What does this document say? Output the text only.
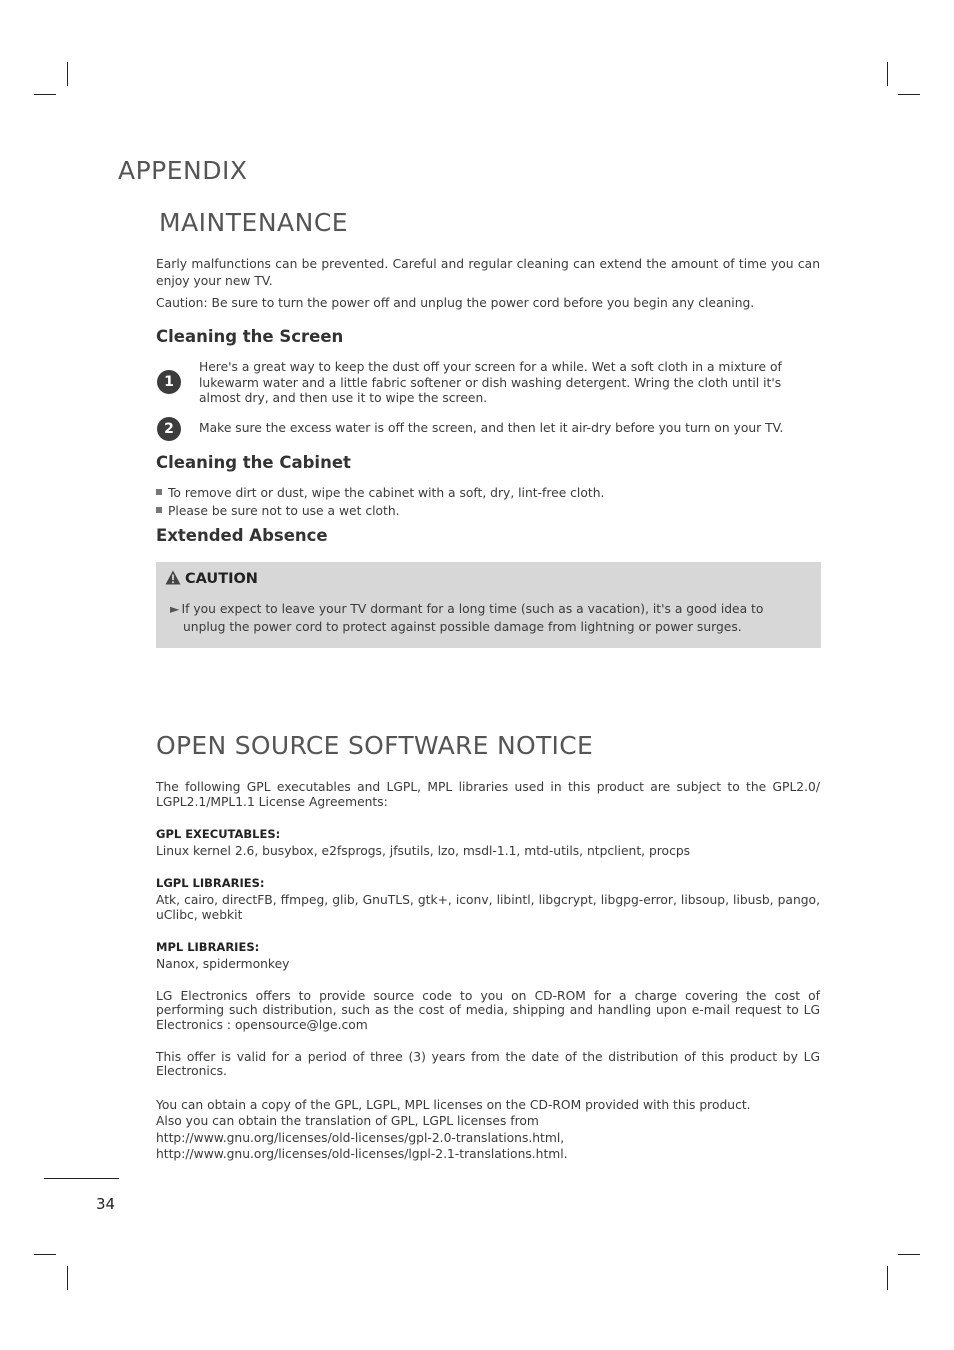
APPENDIX
MAINTENANCE
Early malfunctions can be prevented. Careful and regular cleaning can extend the amount of time you can enjoy your new TV.
Caution: Be sure to turn the power off and unplug the power cord before you begin any cleaning.
Cleaning the Screen
1
Here's a great way to keep the dust off your screen for a while. Wet a soft cloth in a mixture of lukewarm water and a little fabric softener or dish washing detergent. Wring the cloth until it's almost dry, and then use it to wipe the screen.
2	Make sure the excess water is off the screen, and then let it air-dry before you turn on your TV.
Cleaning the Cabinet
To remove dirt or dust, wipe the cabinet with a soft, dry, lint-free cloth.
Please be sure not to use a wet cloth.
Extended Absence
CAUTION
► If you expect to leave your TV dormant for a long time (such as a vacation), it's a good idea to
unplug the power cord to protect against possible damage from lightning or power surges.
OPEN SOURCE SOFTWARE NOTICE
The following GPL executables and LGPL, MPL libraries used in this product are subject to the GPL2.0/ LGPL2.1/MPL1.1 License Agreements:
GPL EXECUTABLES:
Linux kernel 2.6, busybox, e2fsprogs, jfsutils, lzo, msdl-1.1, mtd-utils, ntpclient, procps
LGPL LIBRARIES:
Atk, cairo, directFB, ffmpeg, glib, GnuTLS, gtk+, iconv, libintl, libgcrypt, libgpg-error, libsoup, libusb, pango, uClibc, webkit
MPL LIBRARIES:
Nanox, spidermonkey
LG Electronics offers to provide source code to you on CD-ROM for a charge covering the cost of performing such distribution, such as the cost of media, shipping and handling upon e-mail request to LG Electronics : opensource@lge.com
This offer is valid for a period of three (3) years from the date of the distribution of this product by LG Electronics.
You can obtain a copy of the GPL, LGPL, MPL licenses on the CD-ROM provided with this product.
Also you can obtain the translation of GPL, LGPL licenses from
http://www.gnu.org/licenses/old-licenses/gpl-2.0-translations.html,
http://www.gnu.org/licenses/old-licenses/lgpl-2.1-translations.html.
34
